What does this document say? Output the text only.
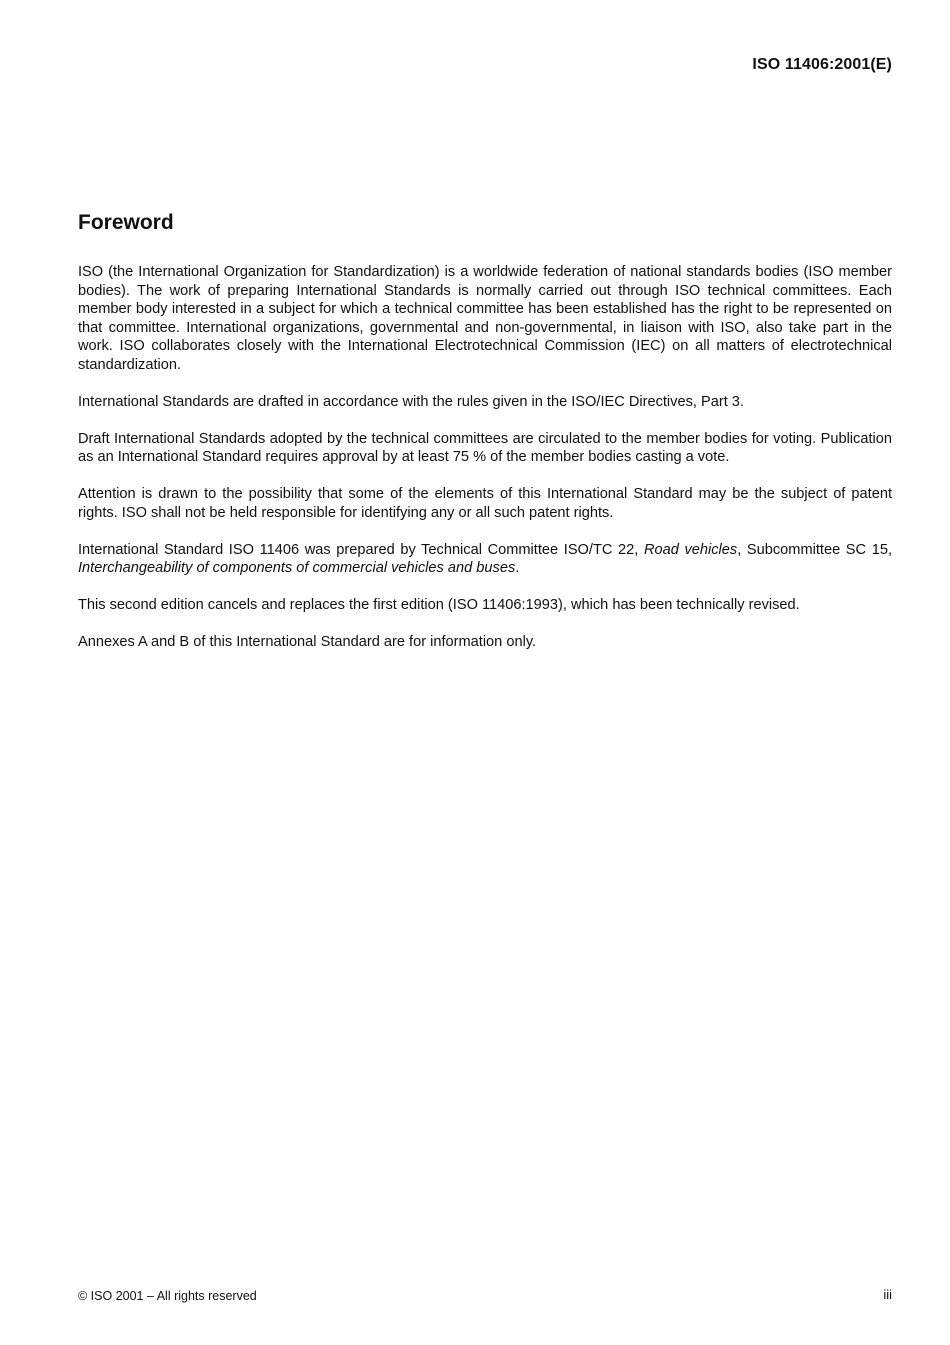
ISO 11406:2001(E)
Foreword

ISO (the International Organization for Standardization) is a worldwide federation of national standards bodies (ISO member bodies). The work of preparing International Standards is normally carried out through ISO technical committees. Each member body interested in a subject for which a technical committee has been established has the right to be represented on that committee. International organizations, governmental and non-governmental, in liaison with ISO, also take part in the work. ISO collaborates closely with the International Electrotechnical Commission (IEC) on all matters of electrotechnical standardization.

International Standards are drafted in accordance with the rules given in the ISO/IEC Directives, Part 3.

Draft International Standards adopted by the technical committees are circulated to the member bodies for voting. Publication as an International Standard requires approval by at least 75 % of the member bodies casting a vote.

Attention is drawn to the possibility that some of the elements of this International Standard may be the subject of patent rights. ISO shall not be held responsible for identifying any or all such patent rights.

International Standard ISO 11406 was prepared by Technical Committee ISO/TC 22, Road vehicles, Subcommittee SC 15, Interchangeability of components of commercial vehicles and buses.

This second edition cancels and replaces the first edition (ISO 11406:1993), which has been technically revised.

Annexes A and B of this International Standard are for information only.

© ISO 2001 – All rights reserved	iii
